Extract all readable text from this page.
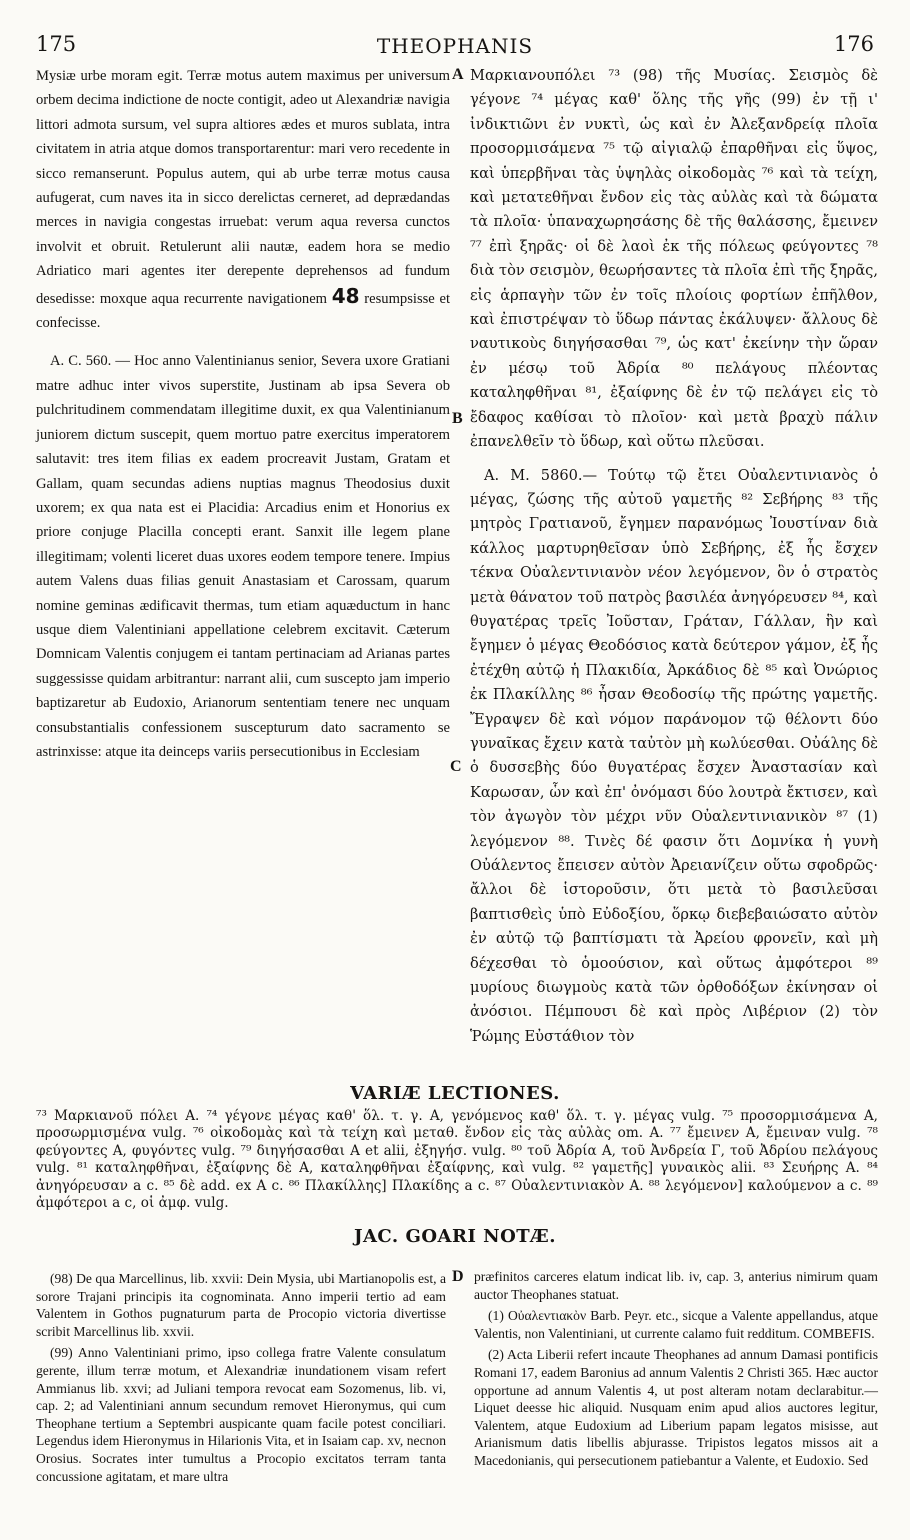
175	THEOPHANIS	176
A
B
C
D

Mysiæ urbe moram egit. Terræ motus autem maximus per universum orbem decima indictione de nocte contigit, adeo ut Alexandriæ navigia littori admota sursum, vel supra altiores ædes et muros sublata, intra civitatem in atria atque domos transportarentur: mari vero recedente in sicco remanserunt. Populus autem, qui ab urbe terræ motus causa aufugerat, cum naves ita in sicco derelictas cerneret, ad deprædandas merces in navigia congestas irruebat: verum aqua reversa cunctos involvit et obruit. Retulerunt alii nautæ, eadem hora se medio Adriatico mari agentes iter derepente deprehensos ad fundum desedisse: moxque aqua recurrente navigationem 48 resumpsisse et confecisse.

A. C. 560. — Hoc anno Valentinianus senior, Severa uxore Gratiani matre adhuc inter vivos superstite, Justinam ab ipsa Severa ob pulchritudinem commendatam illegitime duxit, ex qua Valentinianum juniorem dictum suscepit, quem mortuo patre exercitus imperatorem salutavit: tres item filias ex eadem procreavit Justam, Gratam et Gallam, quam secundas adiens nuptias magnus Theodosius duxit uxorem; ex qua nata est ei Placidia: Arcadius enim et Honorius ex priore conjuge Placilla concepti erant. Sanxit ille legem plane illegitimam; volenti liceret duas uxores eodem tempore tenere. Impius autem Valens duas filias genuit Anastasiam et Carossam, quarum nomine geminas ædificavit thermas, tum etiam aquæductum in hanc usque diem Valentiniani appellatione celebrem excitavit. Cæterum Domnicam Valentis conjugem ei tantam pertinaciam ad Arianas partes suggessisse quidam arbitrantur: narrant alii, cum suscepto jam imperio baptizaretur ab Eudoxio, Arianorum sententiam tenere nec unquam consubstantialis confessionem suscepturum dato sacramento se astrinxisse: atque ita deinceps variis persecutionibus in Ecclesiam

Μαρκιανουπόλει ⁷³ (98) τῆς Μυσίας. Σεισμὸς δὲ γέγονε ⁷⁴ μέγας καθ' ὅλης τῆς γῆς (99) ἐν τῇ ι' ἰνδικτιῶνι ἐν νυκτὶ, ὡς καὶ ἐν Ἀλεξανδρείᾳ πλοῖα προσορμισάμενα ⁷⁵ τῷ αἰγιαλῷ ἐπαρθῆναι εἰς ὕψος, καὶ ὑπερβῆναι τὰς ὑψηλὰς οἰκοδομὰς ⁷⁶ καὶ τὰ τείχη, καὶ μετατεθῆναι ἔνδον εἰς τὰς αὐλὰς καὶ τὰ δώματα τὰ πλοῖα· ὑπαναχωρησάσης δὲ τῆς θαλάσσης, ἔμεινεν ⁷⁷ ἐπὶ ξηρᾶς· οἱ δὲ λαοὶ ἐκ τῆς πόλεως φεύγοντες ⁷⁸ διὰ τὸν σεισμὸν, θεωρήσαντες τὰ πλοῖα ἐπὶ τῆς ξηρᾶς, εἰς ἁρπαγὴν τῶν ἐν τοῖς πλοίοις φορτίων ἐπῆλθον, καὶ ἐπιστρέψαν τὸ ὕδωρ πάντας ἐκάλυψεν· ἄλλους δὲ ναυτικοὺς διηγήσασθαι ⁷⁹, ὡς κατ' ἐκείνην τὴν ὥραν ἐν μέσῳ τοῦ Ἀδρία ⁸⁰ πελάγους πλέοντας καταληφθῆναι ⁸¹, ἐξαίφνης δὲ ἐν τῷ πελάγει εἰς τὸ ἔδαφος καθίσαι τὸ πλοῖον· καὶ μετὰ βραχὺ πάλιν ἐπανελθεῖν τὸ ὕδωρ, καὶ οὕτω πλεῦσαι.

Α. Μ. 5860.— Τούτῳ τῷ ἔτει Οὐαλεντινιανὸς ὁ μέγας, ζώσης τῆς αὐτοῦ γαμετῆς ⁸² Σεβήρης ⁸³ τῆς μητρὸς Γρατιανοῦ, ἔγημεν παρανόμως Ἰουστίναν διὰ κάλλος μαρτυρηθεῖσαν ὑπὸ Σεβήρης, ἐξ ἧς ἔσχεν τέκνα Οὐαλεντινιανὸν νέον λεγόμενον, ὃν ὁ στρατὸς μετὰ θάνατον τοῦ πατρὸς βασιλέα ἀνηγόρευσεν ⁸⁴, καὶ θυγατέρας τρεῖς Ἰοῦσταν, Γράταν, Γάλλαν, ἣν καὶ ἔγημεν ὁ μέγας Θεοδόσιος κατὰ δεύτερον γάμον, ἐξ ἧς ἐτέχθη αὐτῷ ἡ Πλακιδία, Ἀρκάδιος δὲ ⁸⁵ καὶ Ὀνώριος ἐκ Πλακίλλης ⁸⁶ ἦσαν Θεοδοσίῳ τῆς πρώτης γαμετῆς. Ἔγραψεν δὲ καὶ νόμον παράνομον τῷ θέλοντι δύο γυναῖκας ἔχειν κατὰ ταὐτὸν μὴ κωλύεσθαι. Οὐάλης δὲ ὁ δυσσεβὴς δύο θυγατέρας ἔσχεν Ἀναστασίαν καὶ Καρωσαν, ὧν καὶ ἐπ' ὀνόμασι δύο λουτρὰ ἔκτισεν, καὶ τὸν ἀγωγὸν τὸν μέχρι νῦν Οὐαλεντινιανικὸν ⁸⁷ (1) λεγόμενον ⁸⁸. Τινὲς δέ φασιν ὅτι Δομνίκα ἡ γυνὴ Οὐάλεντος ἔπεισεν αὐτὸν Ἀρειανίζειν οὕτω σφοδρῶς· ἄλλοι δὲ ἱστοροῦσιν, ὅτι μετὰ τὸ βασιλεῦσαι βαπτισθεὶς ὑπὸ Εὐδοξίου, ὅρκῳ διεβεβαιώσατο αὐτὸν ἐν αὐτῷ τῷ βαπτίσματι τὰ Ἀρείου φρονεῖν, καὶ μὴ δέχεσθαι τὸ ὁμοούσιον, καὶ οὕτως ἀμφότεροι ⁸⁹ μυρίους διωγμοὺς κατὰ τῶν ὀρθοδόξων ἐκίνησαν οἱ ἀνόσιοι. Πέμπουσι δὲ καὶ πρὸς Λιβέριον (2) τὸν Ῥώμης Εὐστάθιον τὸν

VARIÆ LECTIONES.
⁷³ Μαρκιανοῦ πόλει A. ⁷⁴ γέγονε μέγας καθ' ὅλ. τ. γ. A, γενόμενος καθ' ὅλ. τ. γ. μέγας vulg. ⁷⁵ προσορμισάμενα A, προσωρμισμένα vulg. ⁷⁶ οἰκοδομὰς καὶ τὰ τείχη καὶ μεταθ. ἔνδον εἰς τὰς αὐλὰς om. A. ⁷⁷ ἔμεινεν A, ἔμειναν vulg. ⁷⁸ φεύγοντες A, φυγόντες vulg. ⁷⁹ διηγήσασθαι A et alii, ἐξηγήσ. vulg. ⁸⁰ τοῦ Ἀδρία A, τοῦ Ἀνδρεία Γ, τοῦ Ἀδρίου πελάγους vulg. ⁸¹ καταληφθῆναι, ἐξαίφνης δὲ A, καταληφθῆναι ἐξαίφνης, καὶ vulg. ⁸² γαμετῆς] γυναικὸς alii. ⁸³ Σευήρης A. ⁸⁴ ἀνηγόρευσαν a c. ⁸⁵ δὲ add. ex A c. ⁸⁶ Πλακίλλης] Πλακίδης a c. ⁸⁷ Οὐαλεντινιακὸν A. ⁸⁸ λεγόμενον] καλούμενον a c. ⁸⁹ ἀμφότεροι a c, οἱ ἀμφ. vulg.
JAC. GOARI NOTÆ.

(98) De qua Marcellinus, lib. xxvii: Dein Mysia, ubi Martianopolis est, a sorore Trajani principis ita cognominata. Anno imperii tertio ad eam Valentem in Gothos pugnaturum parta de Procopio victoria divertisse scribit Marcellinus lib. xxvii.

(99) Anno Valentiniani primo, ipso collega fratre Valente consulatum gerente, illum terræ motum, et Alexandriæ inundationem visam refert Ammianus lib. xxvi; ad Juliani tempora revocat eam Sozomenus, lib. vi, cap. 2; ad Valentiniani annum secundum removet Hieronymus, qui cum Theophane tertium a Septembri auspicante quam facile potest conciliari. Legendus idem Hieronymus in Hilarionis Vita, et in Isaiam cap. xv, necnon Orosius. Socrates inter tumultus a Procopio excitatos terram tanta concussione agitatam, et mare ultra

præfinitos carceres elatum indicat lib. iv, cap. 3, anterius nimirum quam auctor Theophanes statuat.

(1) Οὐαλεντιακὸν Barb. Peyr. etc., sicque a Valente appellandus, atque Valentis, non Valentiniani, ut currente calamo fuit redditum. COMBEFIS.

(2) Acta Liberii refert incaute Theophanes ad annum Damasi pontificis Romani 17, eadem Baronius ad annum Valentis 2 Christi 365. Hæc auctor opportune ad annum Valentis 4, ut post alteram notam declarabitur.—Liquet deesse hic aliquid. Nusquam enim apud alios auctores legitur, Valentem, atque Eudoxium ad Liberium papam legatos misisse, aut Arianismum datis libellis abjurasse. Tripistos legatos missos ait a Macedonianis, qui persecutionem patiebantur a Valente, et Eudoxio. Sed
